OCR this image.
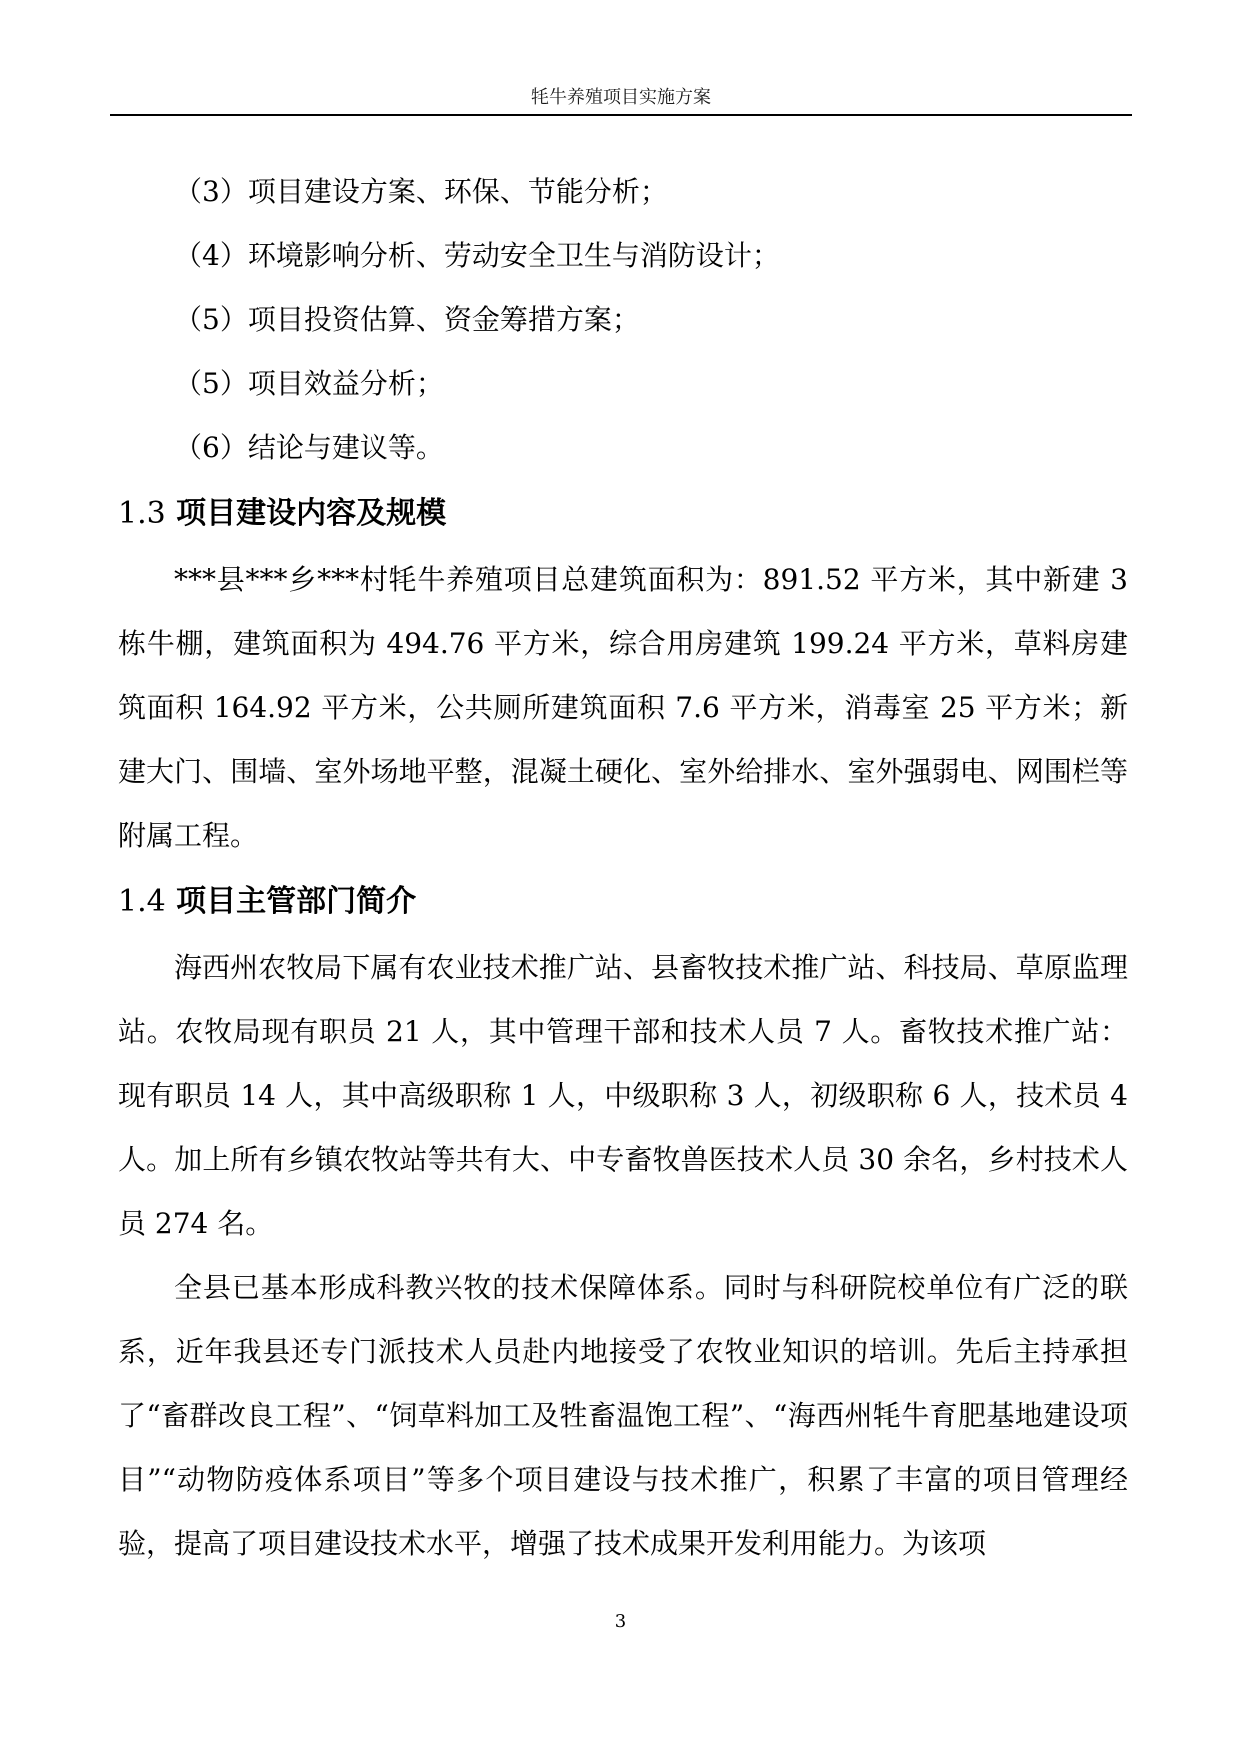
牦牛养殖项目实施方案
（3）项目建设方案、环保、节能分析；
（4）环境影响分析、劳动安全卫生与消防设计；
（5）项目投资估算、资金筹措方案；
（5）项目效益分析；
（6）结论与建议等。
1.3 项目建设内容及规模

***县***乡***村牦牛养殖项目总建筑面积为：891.52 平方米，其中新建 3 栋牛棚，建筑面积为 494.76 平方米，综合用房建筑 199.24 平方米，草料房建筑面积 164.92 平方米，公共厕所建筑面积 7.6 平方米，消毒室 25 平方米；新建大门、围墙、室外场地平整，混凝土硬化、室外给排水、室外强弱电、网围栏等附属工程。

1.4 项目主管部门简介

海西州农牧局下属有农业技术推广站、县畜牧技术推广站、科技局、草原监理站。农牧局现有职员 21 人，其中管理干部和技术人员 7 人。畜牧技术推广站：现有职员 14 人，其中高级职称 1 人，中级职称 3 人，初级职称 6 人，技术员 4 人。加上所有乡镇农牧站等共有大、中专畜牧兽医技术人员 30 余名，乡村技术人员 274 名。

全县已基本形成科教兴牧的技术保障体系。同时与科研院校单位有广泛的联系，近年我县还专门派技术人员赴内地接受了农牧业知识的培训。先后主持承担了“畜群改良工程”、“饲草料加工及牲畜温饱工程”、“海西州牦牛育肥基地建设项目”“动物防疫体系项目”等多个项目建设与技术推广，积累了丰富的项目管理经验，提高了项目建设技术水平，增强了技术成果开发利用能力。为该项

3
